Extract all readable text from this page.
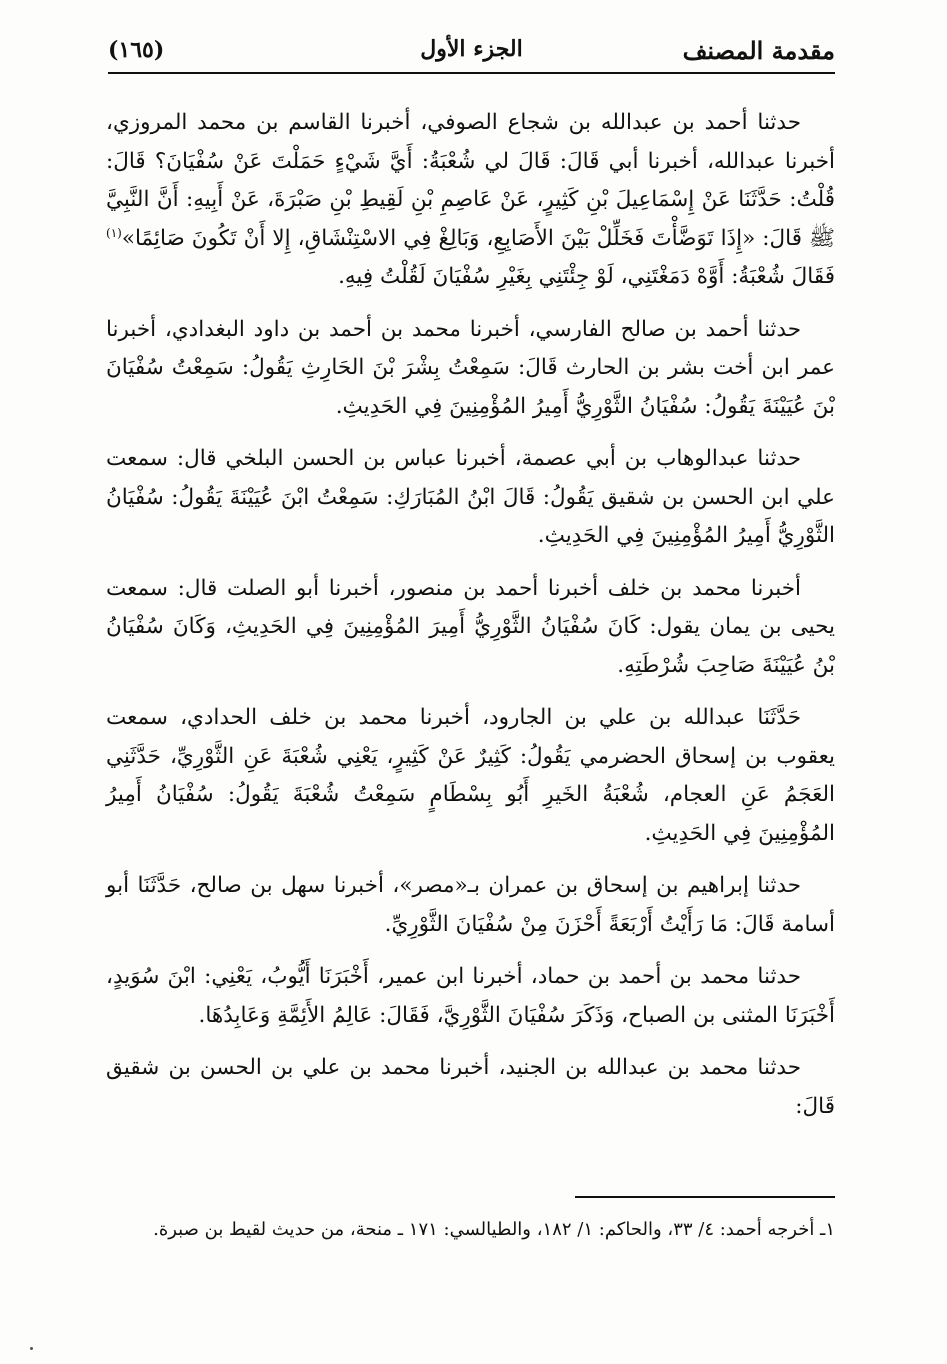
مقدمة المصنف
الجزء الأول
(١٦٥)

حدثنا أحمد بن عبدالله بن شجاع الصوفي، أخبرنا القاسم بن محمد المروزي، أخبرنا عبدالله، أخبرنا أبي قَالَ: قَالَ لي شُعْبَةُ: أَيَّ شَيْءٍ حَمَلْتَ عَنْ سُفْيَانَ؟ قَالَ: قُلْتُ: حَدَّثَنَا عَنْ إِسْمَاعِيلَ بْنِ كَثِيرٍ، عَنْ عَاصِمِ بْنِ لَقِيطِ بْنِ صَبْرَةَ، عَنْ أَبِيهِ: أَنَّ النَّبِيَّ ﷺ قَالَ: «إِذَا تَوَضَّأْتَ فَخَلِّلْ بَيْنَ الأَصَابِعِ، وَبَالِغْ فِي الاسْتِنْشَاقِ، إِلا أَنْ تَكُونَ صَائِمًا»$^{(١)}$ فَقَالَ شُعْبَةُ: أَوَّهْ دَمَغْتَنِي، لَوْ جِئْتَنِي بِغَيْرِ سُفْيَانَ لَقُلْتُ فِيهِ.

حدثنا أحمد بن صالح الفارسي، أخبرنا محمد بن أحمد بن داود البغدادي، أخبرنا عمر ابن أخت بشر بن الحارث قَالَ: سَمِعْتُ بِشْرَ بْنَ الحَارِثِ يَقُولُ: سَمِعْتُ سُفْيَانَ بْنَ عُيَيْنَةَ يَقُولُ: سُفْيَانُ الثَّوْرِيُّ أَمِيرُ المُؤْمِنِينَ فِي الحَدِيثِ.

حدثنا عبدالوهاب بن أبي عصمة، أخبرنا عباس بن الحسن البلخي قال: سمعت علي ابن الحسن بن شقيق يَقُولُ: قَالَ ابْنُ المُبَارَكِ: سَمِعْتُ ابْنَ عُيَيْنَةَ يَقُولُ: سُفْيَانُ الثَّوْرِيُّ أَمِيرُ المُؤْمِنِينَ فِي الحَدِيثِ.

أخبرنا محمد بن خلف أخبرنا أحمد بن منصور، أخبرنا أبو الصلت قال: سمعت يحيى بن يمان يقول: كَانَ سُفْيَانُ الثَّوْرِيُّ أَمِيرَ المُؤْمِنِينَ فِي الحَدِيثِ، وَكَانَ سُفْيَانُ بْنُ عُيَيْنَةَ صَاحِبَ شُرْطَتِهِ.

حَدَّثَنَا عبدالله بن علي بن الجارود، أخبرنا محمد بن خلف الحدادي، سمعت يعقوب بن إسحاق الحضرمي يَقُولُ: كَثِيرٌ عَنْ كَثِيرٍ، يَعْنِي شُعْبَةَ عَنِ الثَّوْرِيِّ، حَدَّثَنِي العَجَمُ عَنِ العجام، شُعْبَةُ الخَيرِ أَبُو بِسْطَامٍ سَمِعْتُ شُعْبَةَ يَقُولُ: سُفْيَانُ أَمِيرُ المُؤْمِنِينَ فِي الحَدِيثِ.

حدثنا إبراهيم بن إسحاق بن عمران بـ«مصر»، أخبرنا سهل بن صالح، حَدَّثَنَا أبو أسامة قَالَ: مَا رَأَيْتُ أَرْبَعَةً أَحْزَنَ مِنْ سُفْيَانَ الثَّوْرِيِّ.

حدثنا محمد بن أحمد بن حماد، أخبرنا ابن عمير، أَخْبَرَنَا أَيُّوبُ، يَعْنِي: ابْنَ سُوَيدٍ، أَخْبَرَنَا المثنى بن الصباح، وَذَكَرَ سُفْيَانَ الثَّوْرِيَّ، فَقَالَ: عَالِمُ الأَئِمَّةِ وَعَابِدُهَا.

حدثنا محمد بن عبدالله بن الجنيد، أخبرنا محمد بن علي بن الحسن بن شقيق قَالَ:

١ـ أخرجه أحمد: ٤/ ٣٣، والحاكم: ١/ ١٨٢، والطيالسي: ١٧١ ـ منحة، من حديث لقيط بن صبرة.
